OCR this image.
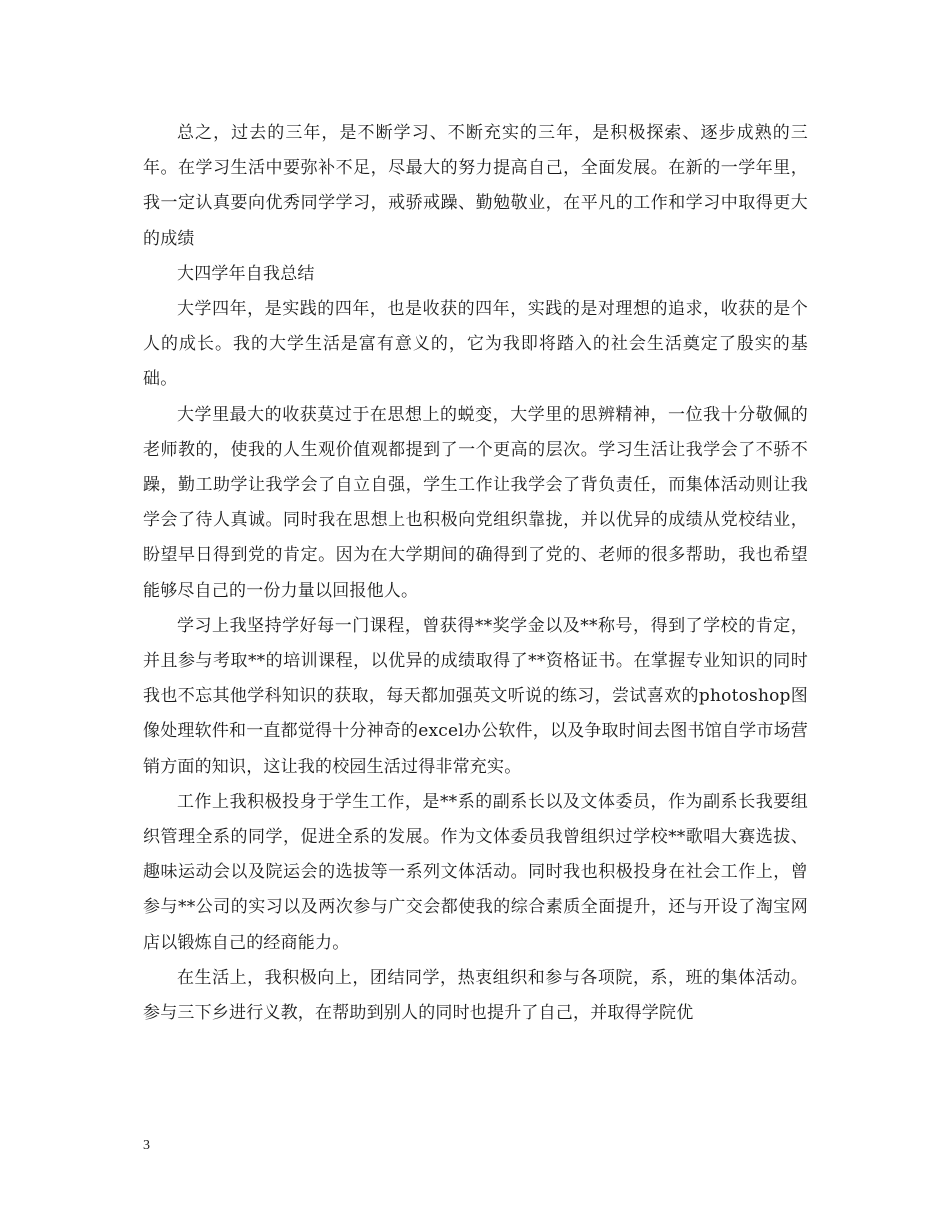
总之，过去的三年，是不断学习、不断充实的三年，是积极探索、逐步成熟的三年。在学习生活中要弥补不足，尽最大的努力提高自己，全面发展。在新的一学年里，我一定认真要向优秀同学学习，戒骄戒躁、勤勉敬业，在平凡的工作和学习中取得更大的成绩

大四学年自我总结

大学四年，是实践的四年，也是收获的四年，实践的是对理想的追求，收获的是个人的成长。我的大学生活是富有意义的，它为我即将踏入的社会生活奠定了殷实的基础。

大学里最大的收获莫过于在思想上的蜕变，大学里的思辨精神，一位我十分敬佩的老师教的，使我的人生观价值观都提到了一个更高的层次。学习生活让我学会了不骄不躁，勤工助学让我学会了自立自强，学生工作让我学会了背负责任，而集体活动则让我学会了待人真诚。同时我在思想上也积极向党组织靠拢，并以优异的成绩从党校结业，盼望早日得到党的肯定。因为在大学期间的确得到了党的、老师的很多帮助，我也希望能够尽自己的一份力量以回报他人。

学习上我坚持学好每一门课程，曾获得**奖学金以及**称号，得到了学校的肯定，并且参与考取**的培训课程，以优异的成绩取得了**资格证书。在掌握专业知识的同时我也不忘其他学科知识的获取，每天都加强英文听说的练习，尝试喜欢的photoshop图像处理软件和一直都觉得十分神奇的excel办公软件，以及争取时间去图书馆自学市场营销方面的知识，这让我的校园生活过得非常充实。

工作上我积极投身于学生工作，是**系的副系长以及文体委员，作为副系长我要组织管理全系的同学，促进全系的发展。作为文体委员我曾组织过学校**歌唱大赛选拔、趣味运动会以及院运会的选拔等一系列文体活动。同时我也积极投身在社会工作上，曾参与**公司的实习以及两次参与广交会都使我的综合素质全面提升，还与开设了淘宝网店以锻炼自己的经商能力。

在生活上，我积极向上，团结同学，热衷组织和参与各项院，系，班的集体活动。参与三下乡进行义教，在帮助到别人的同时也提升了自己，并取得学院优

3
